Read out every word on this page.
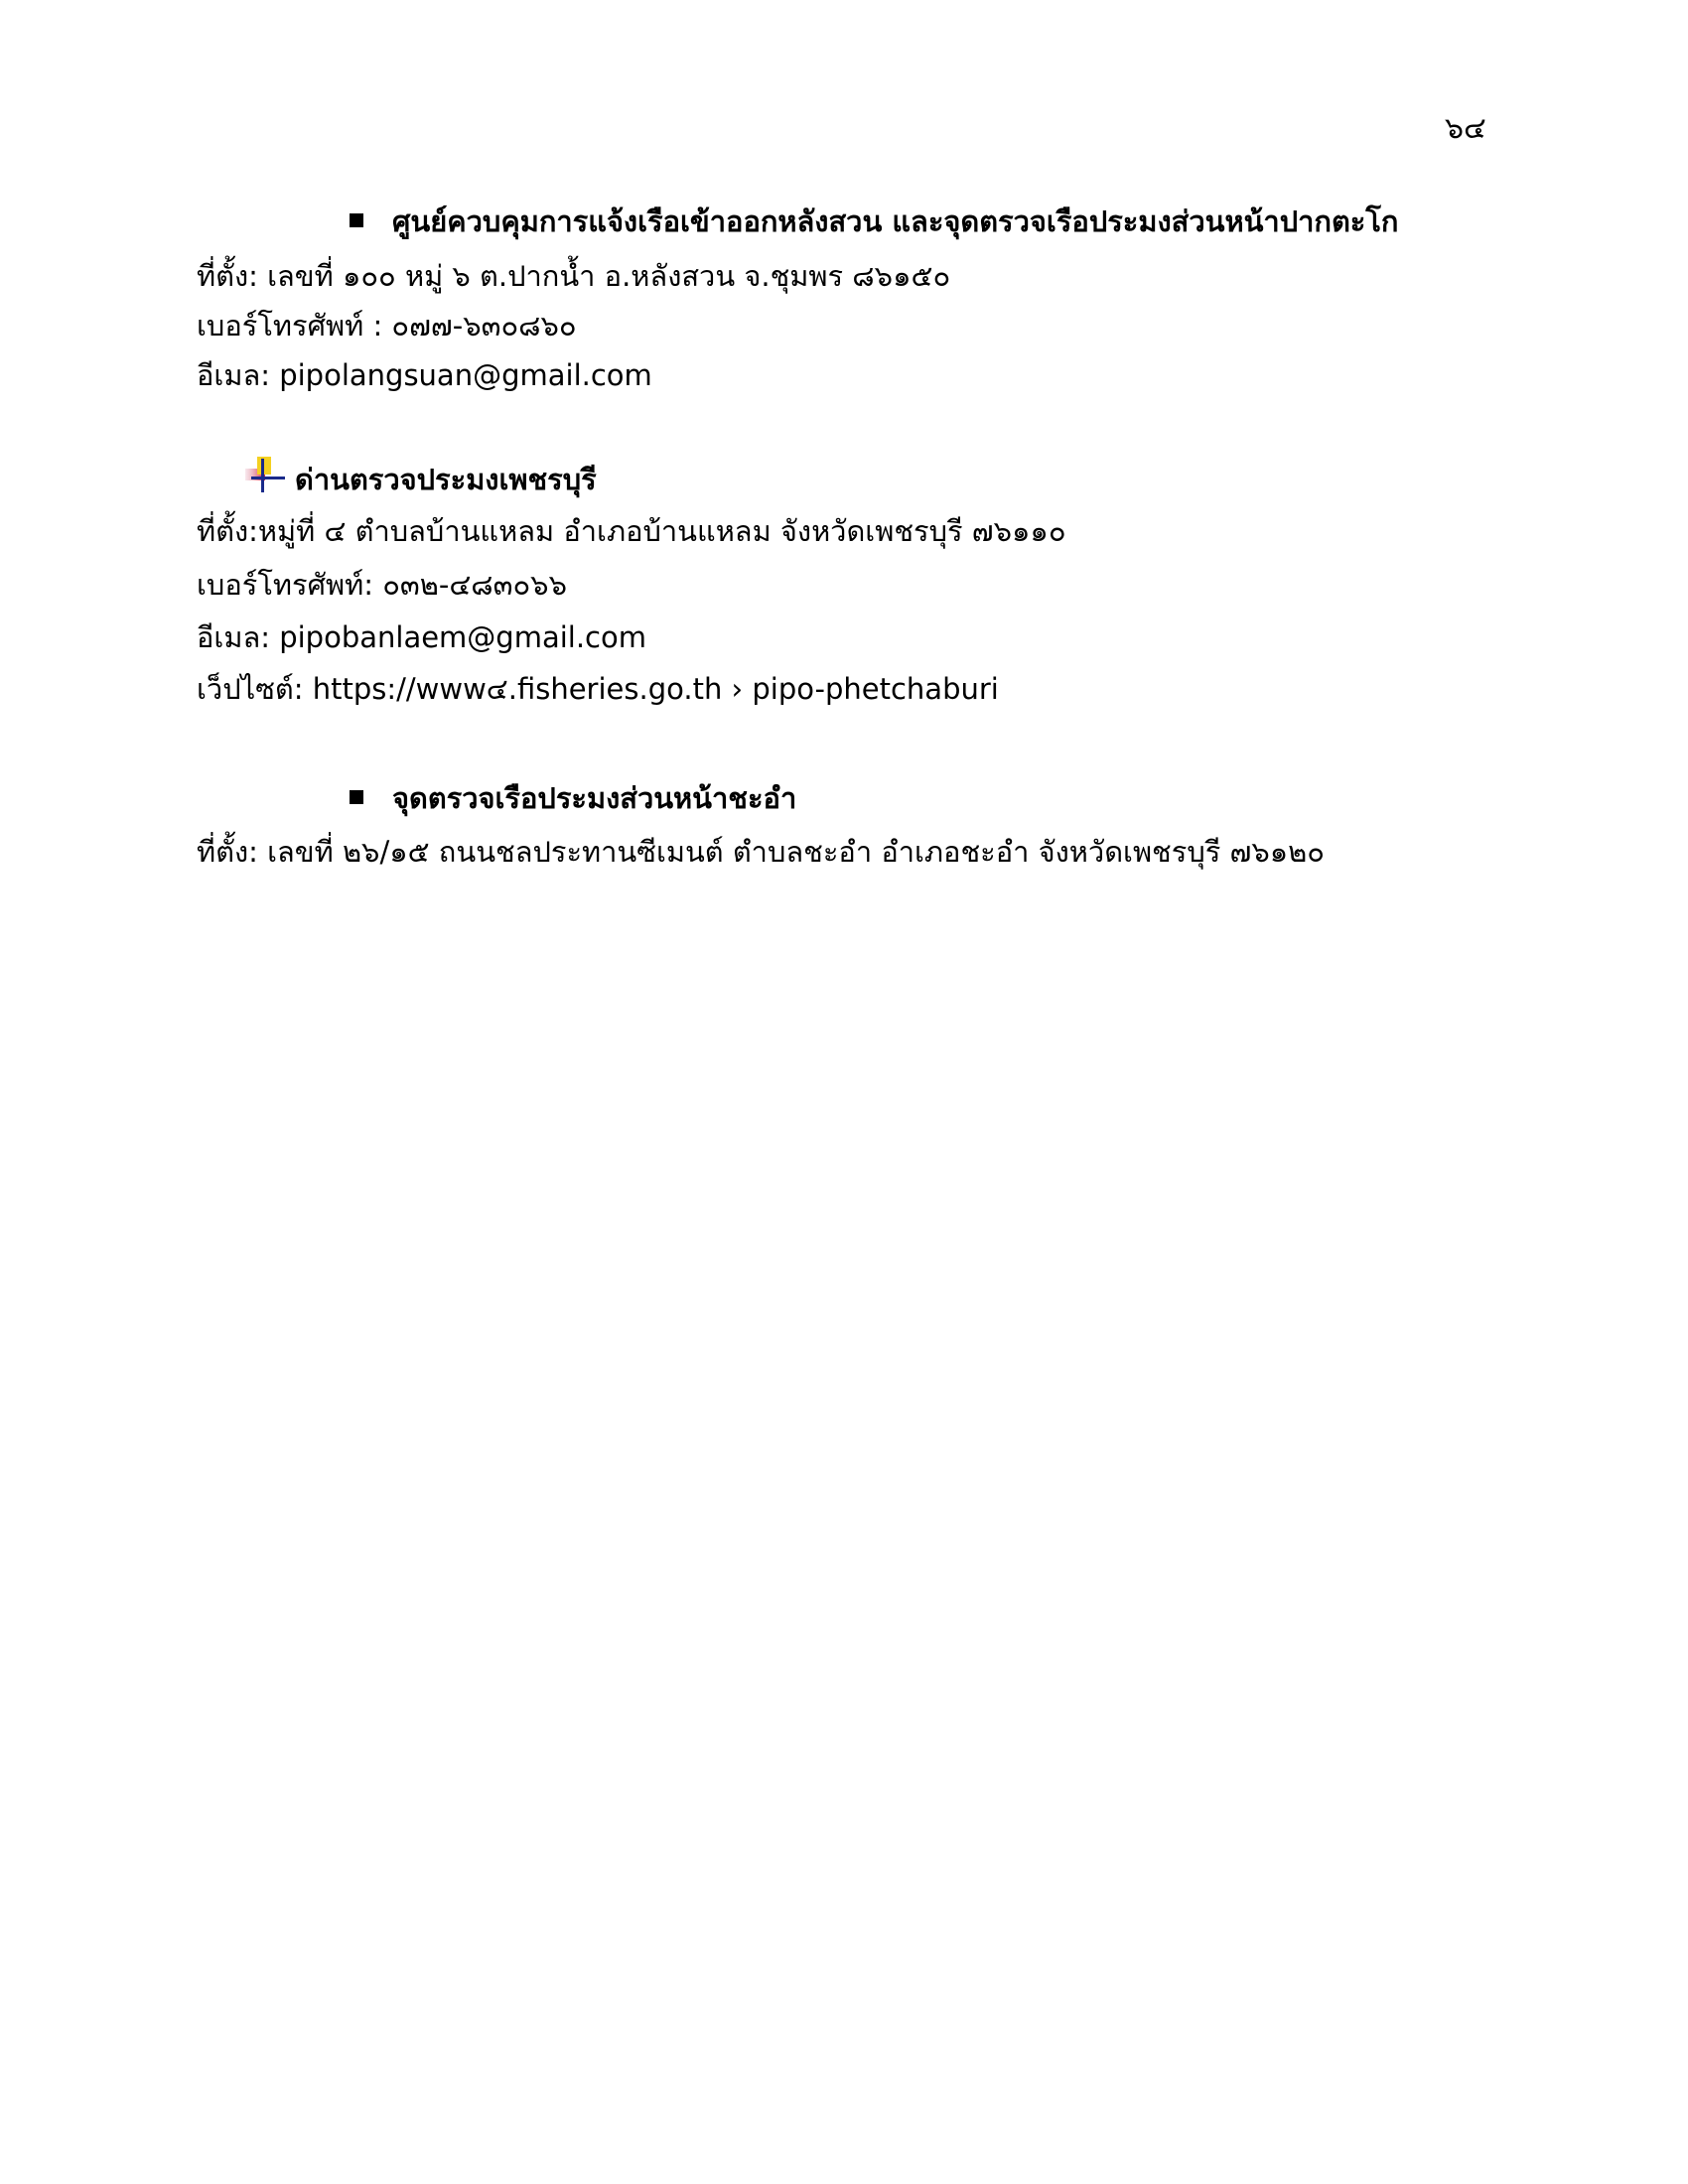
๖๔
ศูนย์ควบคุมการแจ้งเรือเข้าออกหลังสวน และจุดตรวจเรือประมงส่วนหน้าปากตะโก
ที่ตั้ง: เลขที่ ๑๐๐ หมู่ ๖ ต.ปากน้ำ อ.หลังสวน จ.ชุมพร ๘๖๑๕๐
เบอร์โทรศัพท์ : ๐๗๗-๖๓๐๘๖๐
อีเมล: pipolangsuan@gmail.com
ด่านตรวจประมงเพชรบุรี
ที่ตั้ง:หมู่ที่ ๔ ตำบลบ้านแหลม อำเภอบ้านแหลม จังหวัดเพชรบุรี ๗๖๑๑๐
เบอร์โทรศัพท์: ๐๓๒-๔๘๓๐๖๖
อีเมล: pipobanlaem@gmail.com
เว็ปไซต์: https://www๔.fisheries.go.th › pipo-phetchaburi
จุดตรวจเรือประมงส่วนหน้าชะอำ
ที่ตั้ง: เลขที่ ๒๖/๑๕ ถนนชลประทานซีเมนต์ ตำบลชะอำ อำเภอชะอำ จังหวัดเพชรบุรี ๗๖๑๒๐
